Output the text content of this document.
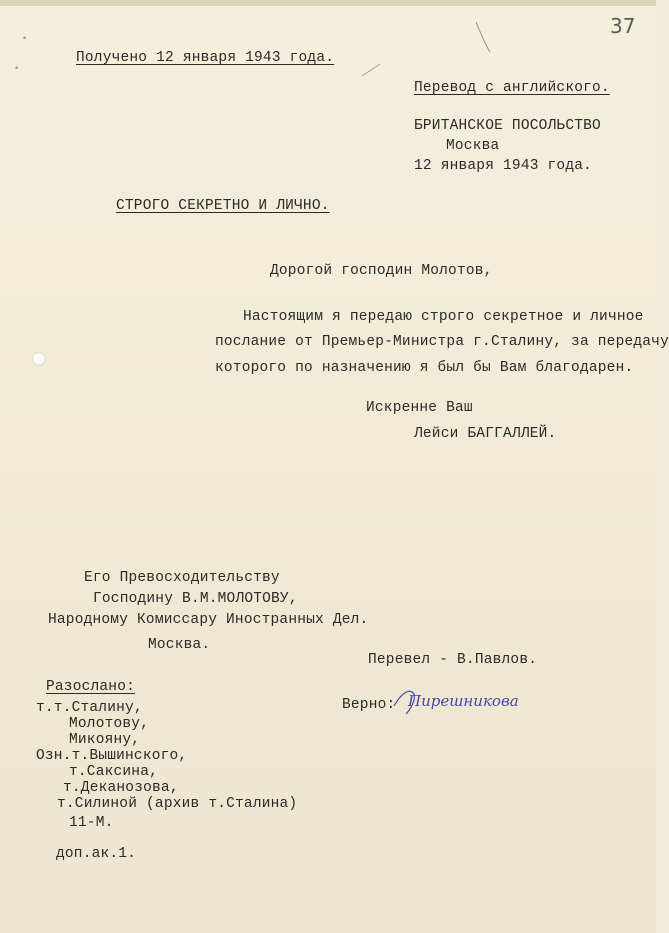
37
•
•
Получено 12 января 1943 года.
Перевод с английского.
БРИТАНСКОЕ ПОСОЛЬСТВО
Москва
12 января 1943 года.
СТРОГО СЕКРЕТНО И ЛИЧНО.
Дорогой господин Молотов,
Настоящим я передаю строго секретное и личное
послание от Премьер-Министра г.Сталину, за передачу
которого по назначению я был бы Вам благодарен.
Искренне Ваш
Лейси БАГГАЛЛЕЙ.
Его Превосходительству
Господину В.М.МОЛОТОВУ,
Народному Комиссару Иностранных Дел.
Москва.
Перевел - В.Павлов.
Разослано:
т.т.Сталину,
Молотову,
Микояну,
Озн.т.Вышинского,
т.Саксина,
т.Деканозова,
т.Силиной (архив т.Сталина)
11-М.
Верно: Пирешникова
доп.ак.1.
